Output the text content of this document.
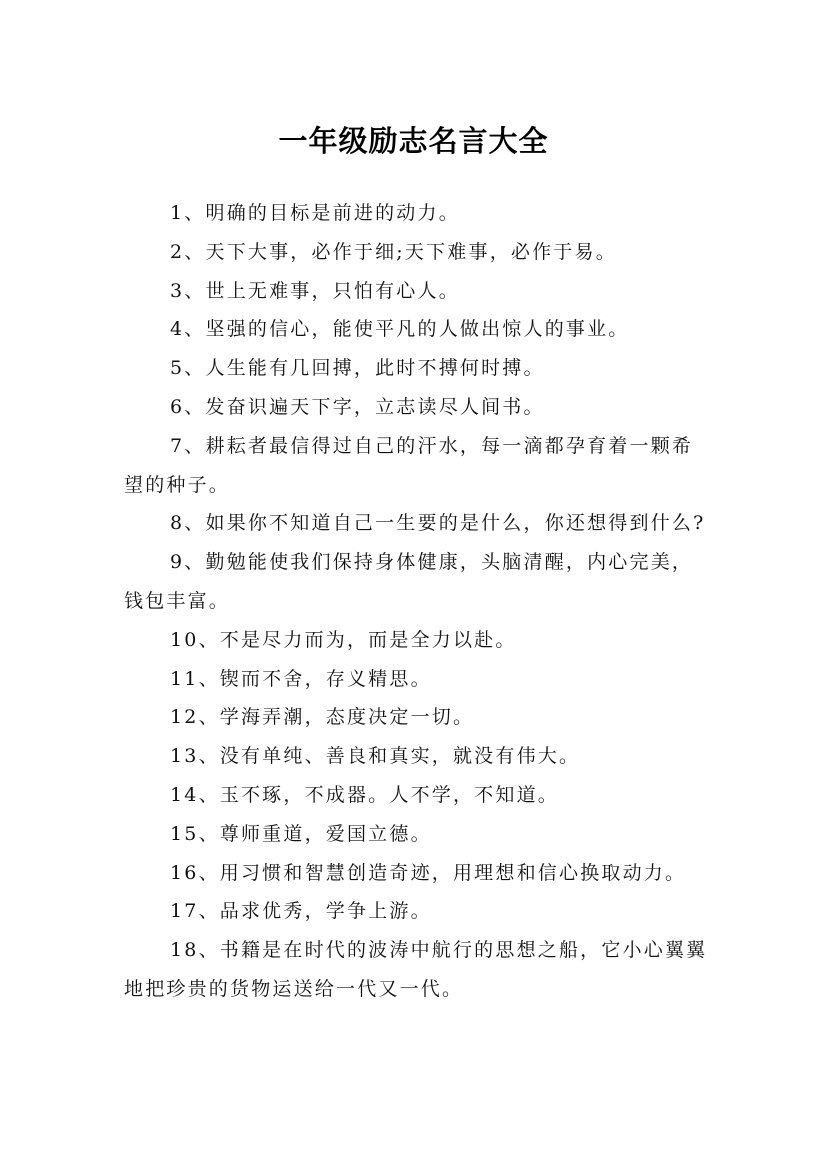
一年级励志名言大全
1、明确的目标是前进的动力。
2、天下大事，必作于细;天下难事，必作于易。
3、世上无难事，只怕有心人。
4、坚强的信心，能使平凡的人做出惊人的事业。
5、人生能有几回搏，此时不搏何时搏。
6、发奋识遍天下字，立志读尽人间书。
7、耕耘者最信得过自己的汗水，每一滴都孕育着一颗希望的种子。
8、如果你不知道自己一生要的是什么，你还想得到什么?
9、勤勉能使我们保持身体健康，头脑清醒，内心完美，钱包丰富。
10、不是尽力而为，而是全力以赴。
11、锲而不舍，存义精思。
12、学海弄潮，态度决定一切。
13、没有单纯、善良和真实，就没有伟大。
14、玉不琢，不成器。人不学，不知道。
15、尊师重道，爱国立德。
16、用习惯和智慧创造奇迹，用理想和信心换取动力。
17、品求优秀，学争上游。
18、书籍是在时代的波涛中航行的思想之船，它小心翼翼地把珍贵的货物运送给一代又一代。
